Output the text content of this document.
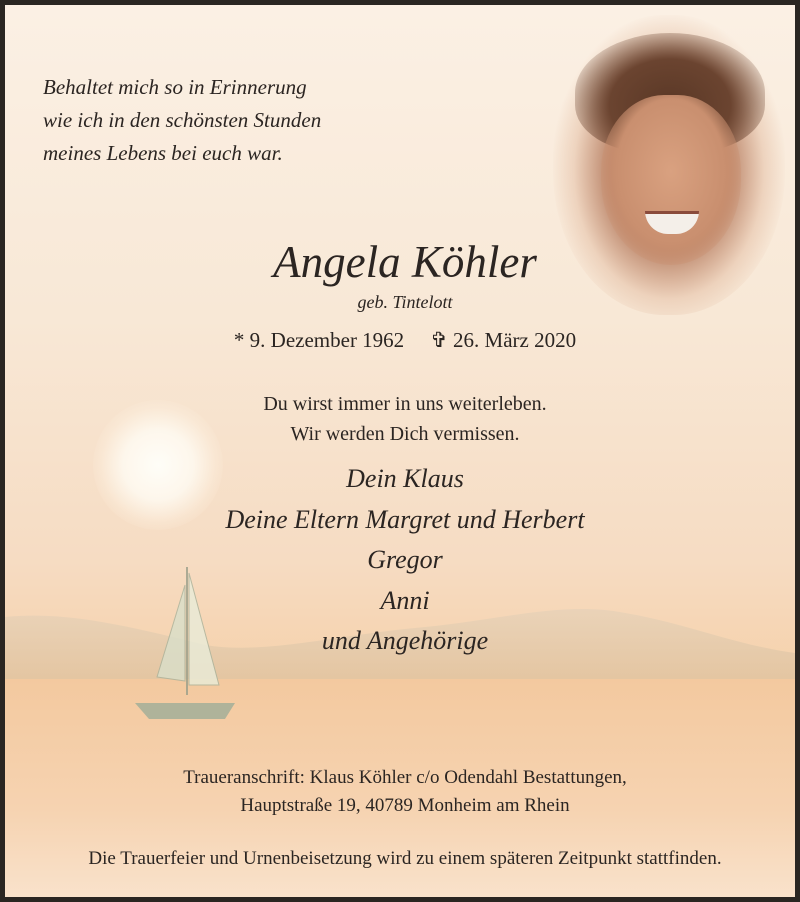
Behaltet mich so in Erinnerung
wie ich in den schönsten Stunden
meines Lebens bei euch war.
Angela Köhler
geb. Tintelott
* 9. Dezember 1962 ✞ 26. März 2020
Du wirst immer in uns weiterleben.
Wir werden Dich vermissen.
Dein Klaus
Deine Eltern Margret und Herbert
Gregor
Anni
und Angehörige
Traueranschrift: Klaus Köhler c/o Odendahl Bestattungen,
Hauptstraße 19, 40789 Monheim am Rhein
Die Trauerfeier und Urnenbeisetzung wird zu einem späteren Zeitpunkt stattfinden.
